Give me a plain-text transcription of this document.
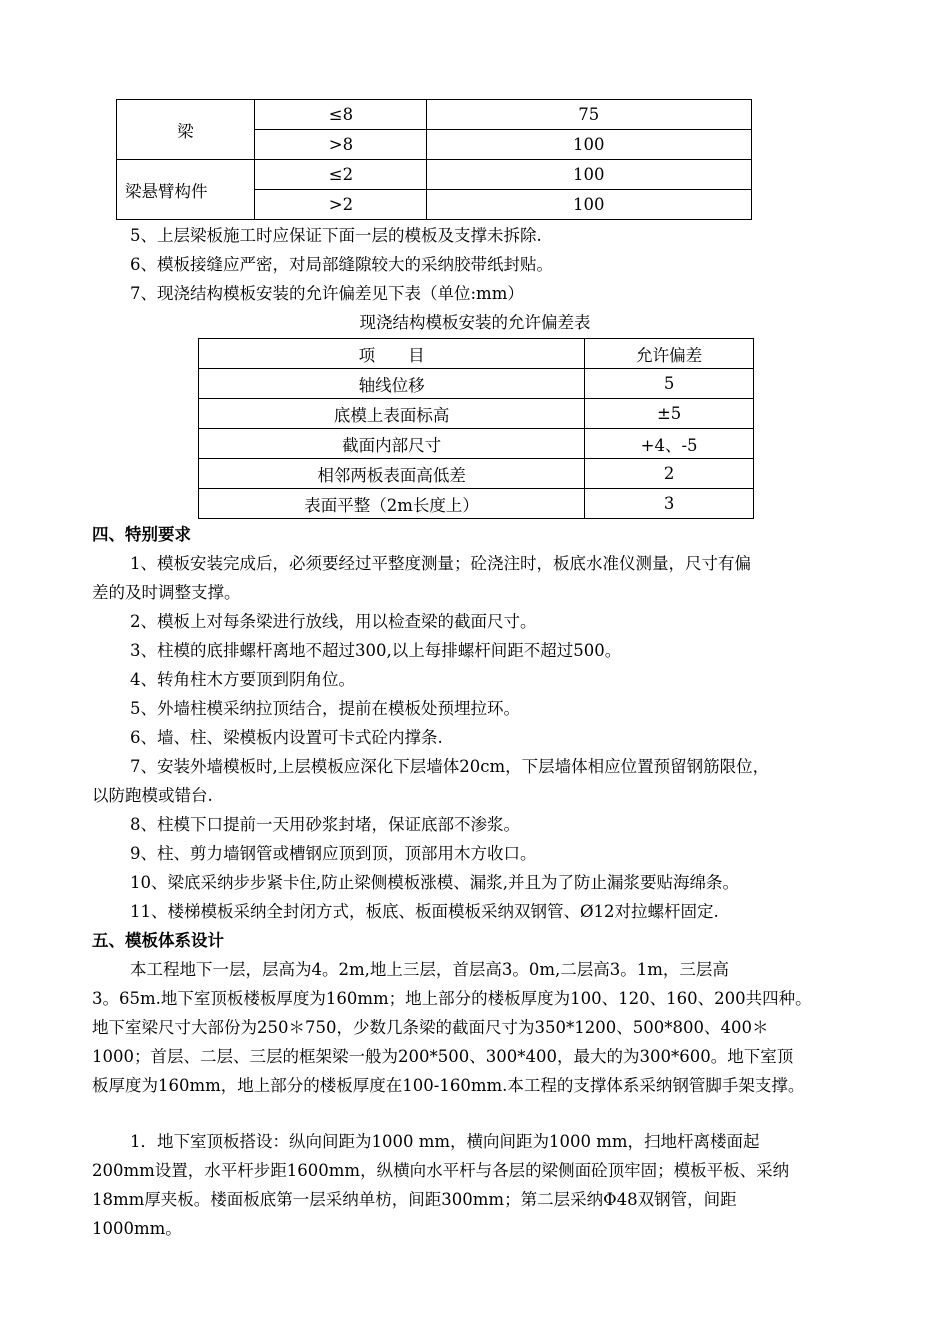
梁	≤8	75
	>8	100
梁悬臂构件	≤2	100
	>2	100
5、上层梁板施工时应保证下面一层的模板及支撑未拆除.
6、模板接缝应严密，对局部缝隙较大的采纳胶带纸封贴。
7、现浇结构模板安装的允许偏差见下表（单位:mm）
现浇结构模板安装的允许偏差表
项　　目	允许偏差
轴线位移	5
底模上表面标高	±5
截面内部尺寸	+4、-5
相邻两板表面高低差	2
表面平整（2m长度上）	3
四、特别要求
1、模板安装完成后，必须要经过平整度测量；砼浇注时，板底水准仪测量，尺寸有偏
差的及时调整支撑。
2、模板上对每条梁进行放线，用以检查梁的截面尺寸。
3、柱模的底排螺杆离地不超过300,以上每排螺杆间距不超过500。
4、转角柱木方要顶到阴角位。
5、外墙柱模采纳拉顶结合，提前在模板处预埋拉环。
6、墙、柱、梁模板内设置可卡式砼内撑条.
7、安装外墙模板时,上层模板应深化下层墙体20cm，下层墙体相应位置预留钢筋限位，
以防跑模或错台.
8、柱模下口提前一天用砂浆封堵，保证底部不渗浆。
9、柱、剪力墙钢管或槽钢应顶到顶，顶部用木方收口。
10、梁底采纳步步紧卡住,防止梁侧模板涨模、漏浆,并且为了防止漏浆要贴海绵条。
11、楼梯模板采纳全封闭方式，板底、板面模板采纳双钢管、Ø12对拉螺杆固定.
五、模板体系设计
本工程地下一层，层高为4。2m,地上三层，首层高3。0m,二层高3。1m，三层高
3。65m.地下室顶板楼板厚度为160mm；地上部分的楼板厚度为100、120、160、200共四种。
地下室梁尺寸大部份为250＊750，少数几条梁的截面尺寸为350*1200、500*800、400＊
1000；首层、二层、三层的框架梁一般为200*500、300*400，最大的为300*600。地下室顶
板厚度为160mm，地上部分的楼板厚度在100-160mm.本工程的支撑体系采纳钢管脚手架支撑。
1．地下室顶板搭设：纵向间距为1000 mm，横向间距为1000 mm，扫地杆离楼面起
200mm设置，水平杆步距1600mm，纵横向水平杆与各层的梁侧面砼顶牢固；模板平板、采纳
18mm厚夹板。楼面板底第一层采纳单枋，间距300mm；第二层采纳Φ48双钢管，间距
1000mm。
